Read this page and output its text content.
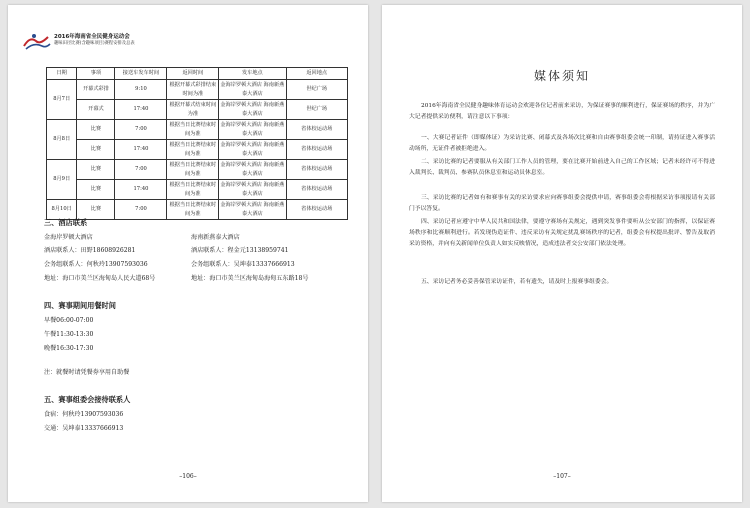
2016年海南省全民健身运动会
趣味田径比赛(含趣味项目)赛程安排及总表
日期	事项	接送车发车时间	返回时间	发车地点	返回地点
8月7日	开幕式彩排	9:10	根据开幕式彩排结束时间为准	金海岸罗顿大酒店 海南新燕泰大酒店	世纪广场
	开幕式	17:40	根据开幕式结束时间为准	金海岸罗顿大酒店 海南新燕泰大酒店	世纪广场
8月8日	比赛	7:00	根据当日比赛结束时间为准	金海岸罗顿大酒店 海南新燕泰大酒店	省体校运动场
	比赛	17:40	根据当日比赛结束时间为准	金海岸罗顿大酒店 海南新燕泰大酒店	省体校运动场
8月9日	比赛	7:00	根据当日比赛结束时间为准	金海岸罗顿大酒店 海南新燕泰大酒店	省体校运动场
	比赛	17:40	根据当日比赛结束时间为准	金海岸罗顿大酒店 海南新燕泰大酒店	省体校运动场
8月10日	比赛	7:00	根据当日比赛结束时间为准	金海岸罗顿大酒店 海南新燕泰大酒店	省体校运动场
三、酒店联系
金海岸罗顿大酒店
酒店联系人：田野18608926281
会务组联系人：何秋玲13907593036
地址：海口市美兰区海甸岛人民大道68号
海南新燕泰大酒店
酒店联系人：程金元13138959741
会务组联系人：吴坤泰13337666913
地址：海口市美兰区海甸岛海甸五东路18号
四、赛事期间用餐时间
早餐06:00-07:00
午餐11:30-13:30
晚餐16:30-17:30
注：就餐时请凭餐券享用自助餐
五、赛事组委会接待联系人
食宿：何秋玲13907593036
交通：吴坤泰13337666913
–106–
媒体须知

2016年海南省全民健身趣味体育运动会欢迎各位记者前来采访，为保证赛事的顺利进行，保证赛场的秩序，并为广大记者提供采访便利，请注意以下事项：

一、大赛记者证件（即媒体证）为采访比赛、闭幕式及各场次比赛和自由赛事组委会统一印制，请持证进入赛事活动场所，无证件者被拒绝进入。

二、采访比赛的记者要服从有关部门工作人员的管理，要在比赛开始前进入自己的工作区域；记者未经许可不得进入裁判长、裁判员、参赛队员休息室和运动员休息室。

三、采访比赛的记者如有和赛事有关的采访要求应向赛事组委会提供申请，赛事组委会将根据采访事项报请有关部门予以答复。

四、采访记者应遵守中华人民共和国法律，要遵守赛场有关规定，遇到突发事件要听从公安部门的指挥，以保证赛场秩序和比赛顺利进行。若发现伪造证件、违反采访有关规定扰乱赛场秩序的记者，组委会有权提出批评、警告及取消采访资格，并向有关新闻单位负责人如实反映情况，造成违法者交公安部门依法处理。

五、采访记者务必妥善保管采访证件，若有遗失，请及时上报赛事组委会。

–107–
